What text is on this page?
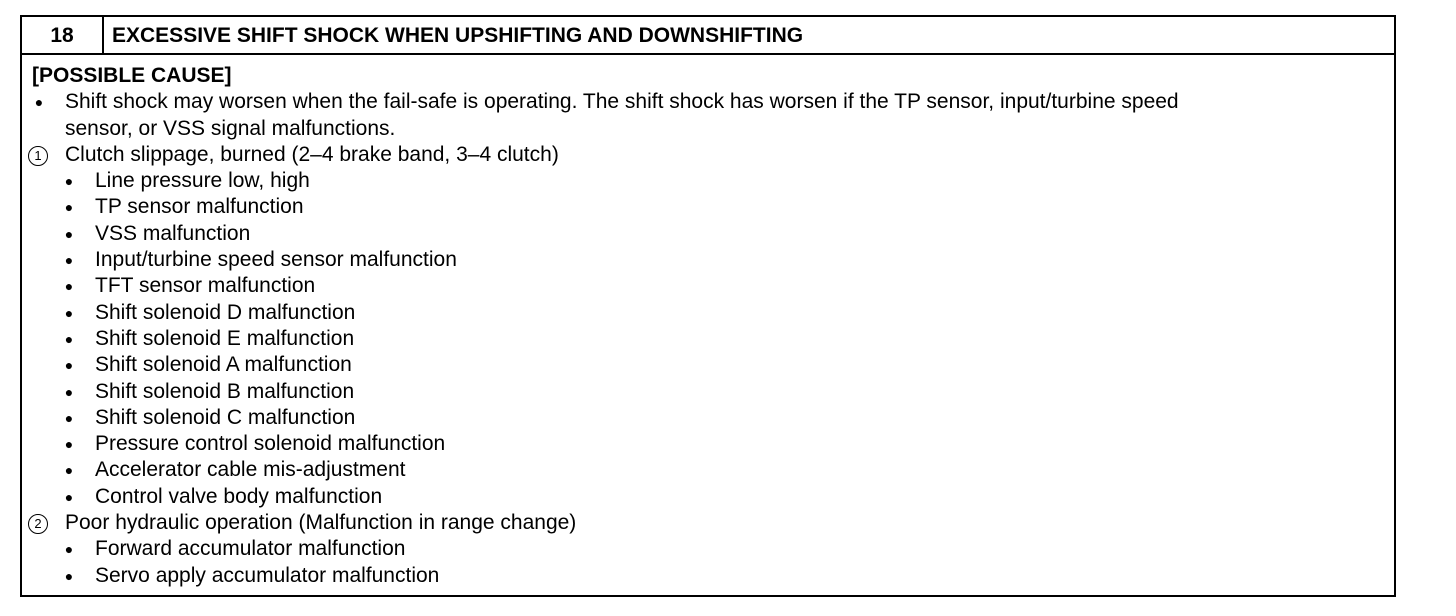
18	EXCESSIVE SHIFT SHOCK WHEN UPSHIFTING AND DOWNSHIFTING
[POSSIBLE CAUSE]
● Shift shock may worsen when the fail-safe is operating. The shift shock has worsen if the TP sensor, input/turbine speed
sensor, or VSS signal malfunctions.
1	Clutch slippage, burned (2–4 brake band, 3–4 clutch)
● Line pressure low, high
● TP sensor malfunction
● VSS malfunction
● Input/turbine speed sensor malfunction
● TFT sensor malfunction
● Shift solenoid D malfunction
● Shift solenoid E malfunction
● Shift solenoid A malfunction
● Shift solenoid B malfunction
● Shift solenoid C malfunction
● Pressure control solenoid malfunction
● Accelerator cable mis-adjustment
● Control valve body malfunction
2	Poor hydraulic operation (Malfunction in range change)
● Forward accumulator malfunction
● Servo apply accumulator malfunction
